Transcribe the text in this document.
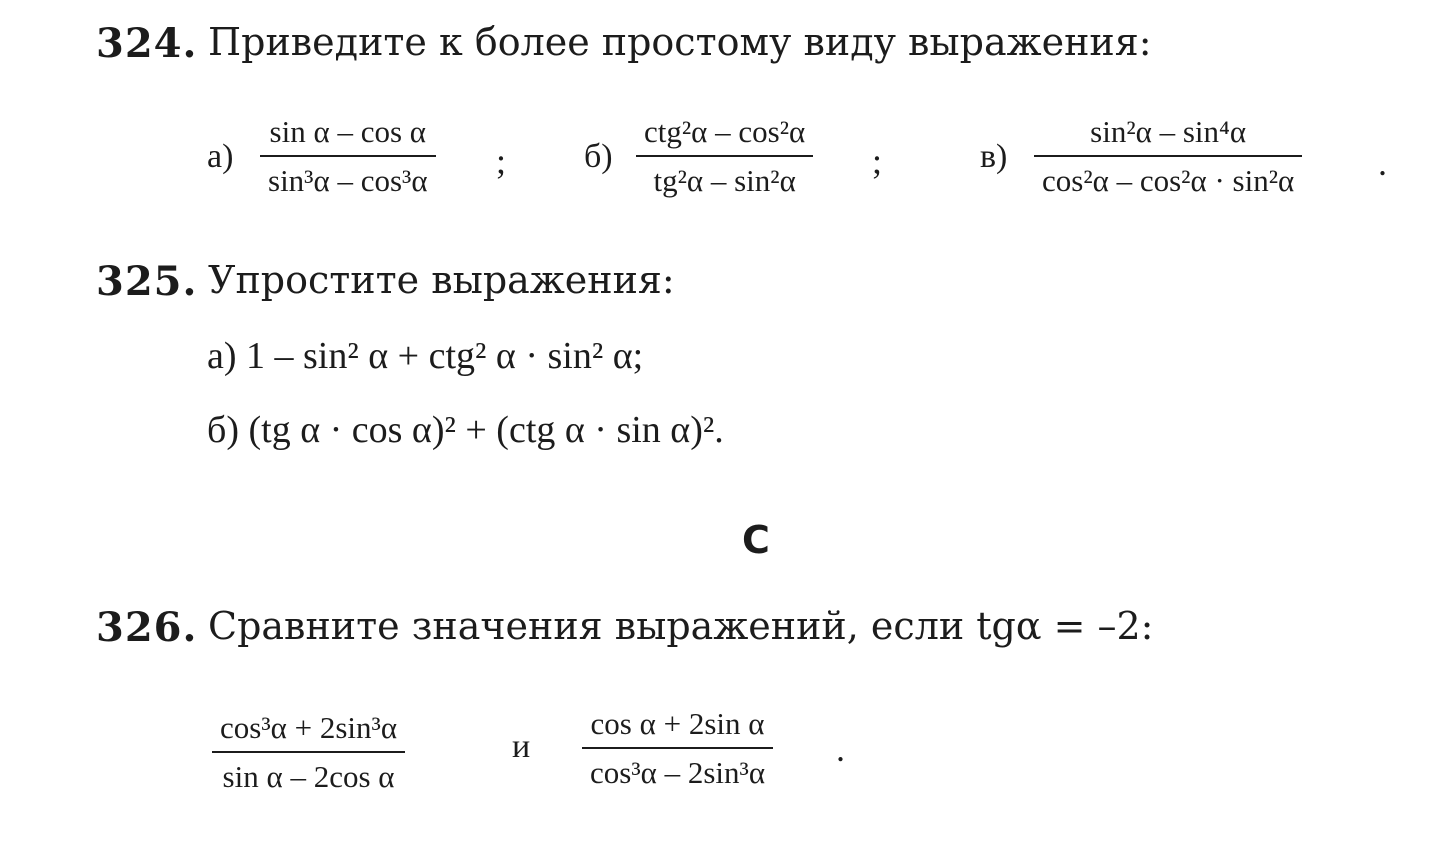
324. Приведите к более простому виду выражения:
а)
sin α – cos α
sin³α – cos³α ; б)
ctg²α – cos²α
tg²α – sin²α ;	в)
sin²α – sin⁴α
cos²α – cos²α · sin²α .
325. Упростите выражения:
а) 1 – sin² α + ctg² α · sin² α;
б) (tg α · cos α)² + (ctg α · sin α)².
С
326. Сравните значения выражений, если tgα = –2:
cos³α + 2sin³α
sin α – 2cos α
и
cos α + 2sin α
cos³α – 2sin³α
.
